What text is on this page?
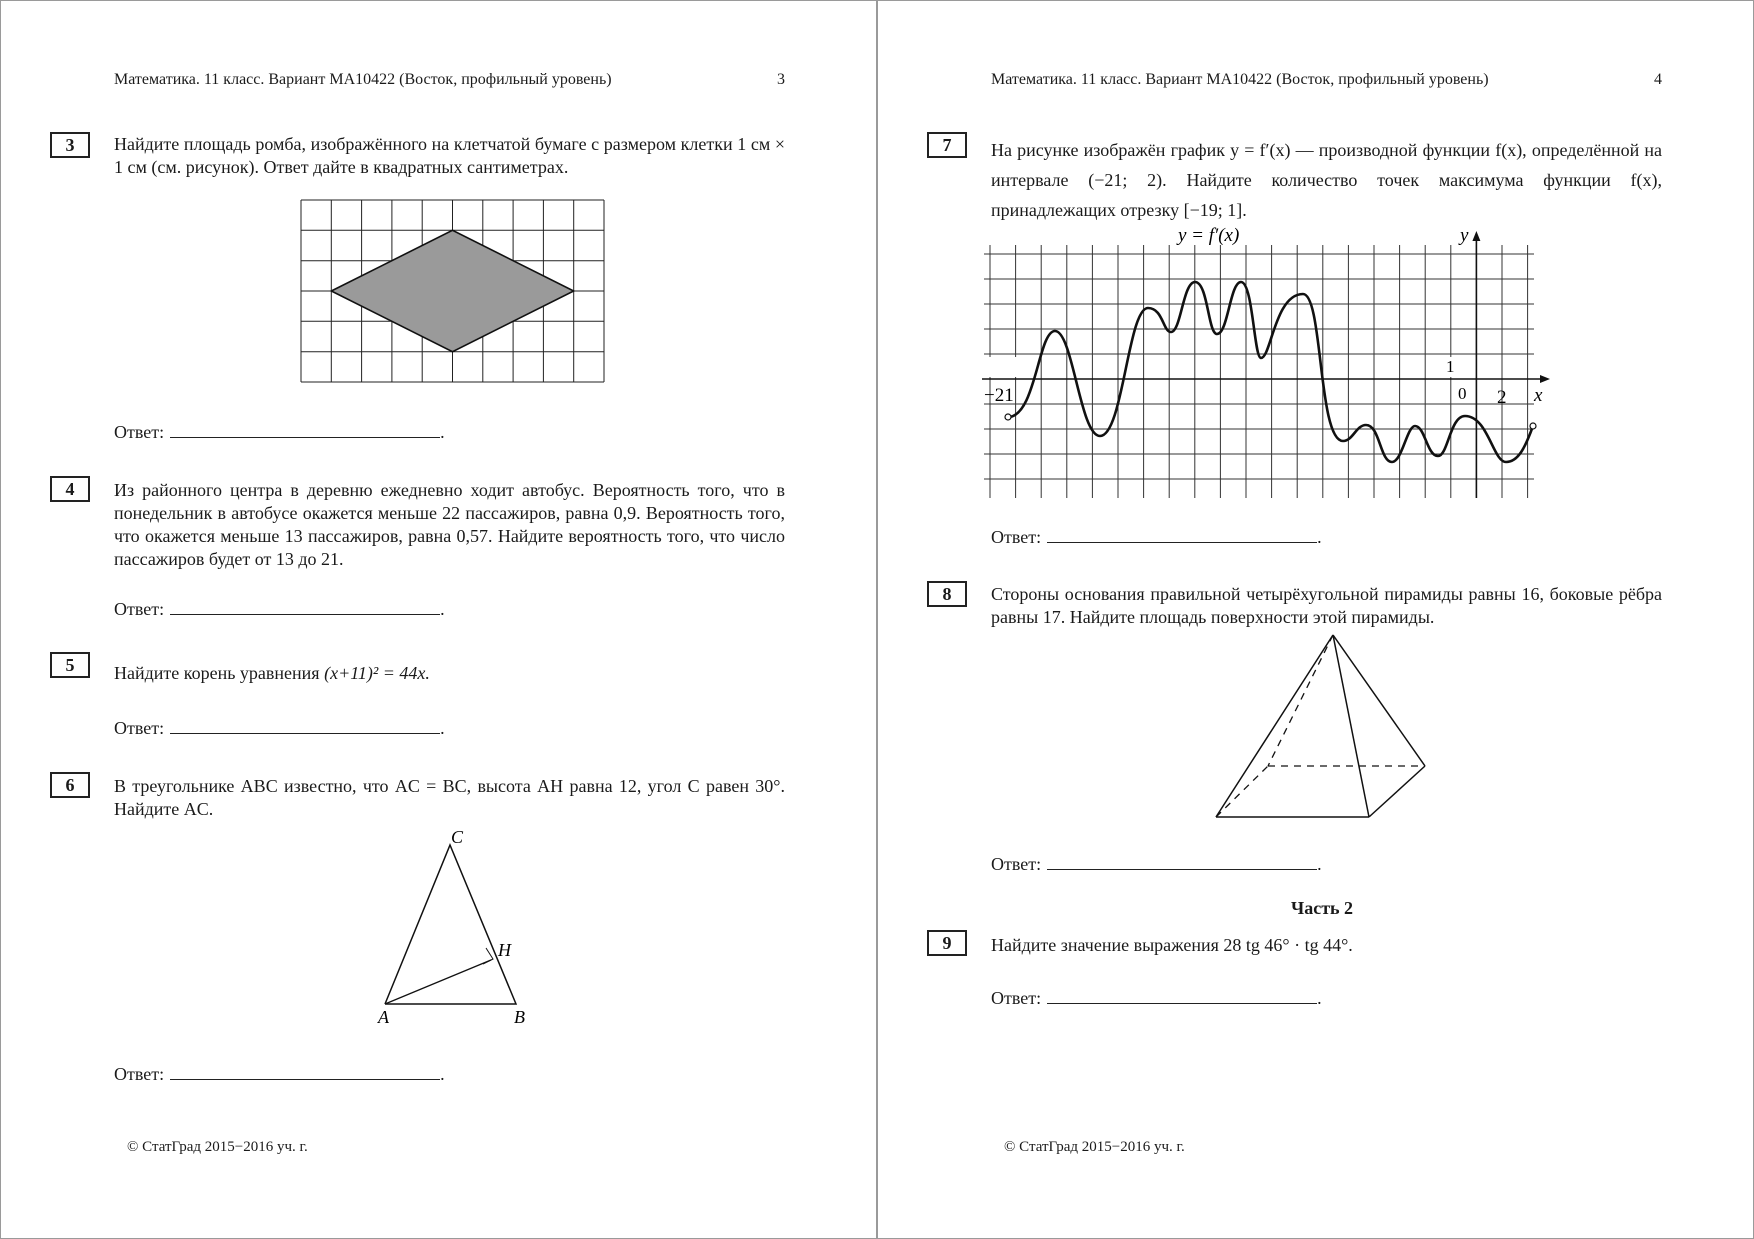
Математика. 11 класс. Вариант МА10422 (Восток, профильный уровень)	3
3	Найдите площадь ромба, изображённого на клетчатой бумаге с размером клетки 1 см × 1 см (см. рисунок). Ответ дайте в квадратных сантиметрах.
Ответ:	.
4	Из районного центра в деревню ежедневно ходит автобус. Вероятность того, что в понедельник в автобусе окажется меньше 22 пассажиров, равна 0,9. Вероятность того, что окажется меньше 13 пассажиров, равна 0,57. Найдите вероятность того, что число пассажиров будет от 13 до 21.
Ответ:	.
5	Найдите корень уравнения (x+11)² = 44x.
Ответ:	.
6	В треугольнике ABC известно, что AC = BC, высота AH равна 12, угол C равен 30°. Найдите AC.
C
A	B
H
Ответ:	.
© СтатГрад 2015−2016 уч. г.
Математика. 11 класс. Вариант МА10422 (Восток, профильный уровень)	4
7	На рисунке изображён график y = f′(x) — производной функции f(x), определённой на интервале (−21; 2). Найдите количество точек максимума функции f(x), принадлежащих отрезку [−19; 1].
1
0 2
−21	x
y
y = f′(x)
Ответ:	.
8	Стороны основания правильной четырёхугольной пирамиды равны 16, боковые рёбра равны 17. Найдите площадь поверхности этой пирамиды.
Ответ:	.
Часть 2
9	Найдите значение выражения 28 tg 46° · tg 44°.
Ответ:	.
© СтатГрад 2015−2016 уч. г.
